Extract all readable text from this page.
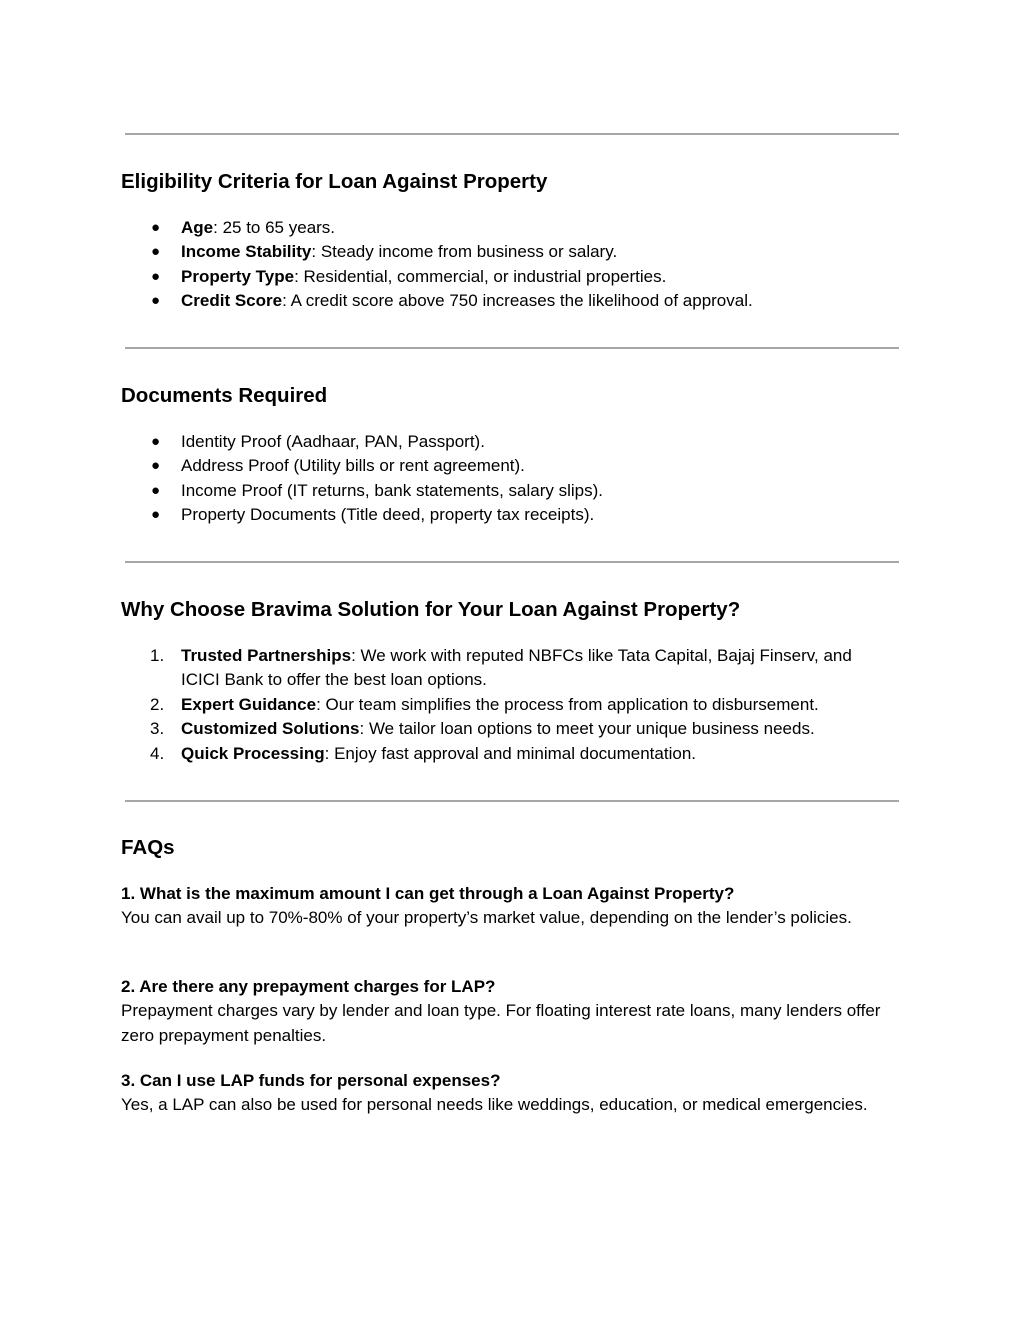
Eligibility Criteria for Loan Against Property
● Age: 25 to 65 years.
● Income Stability: Steady income from business or salary.
● Property Type: Residential, commercial, or industrial properties.
● Credit Score: A credit score above 750 increases the likelihood of approval.
Documents Required
● Identity Proof (Aadhaar, PAN, Passport).
● Address Proof (Utility bills or rent agreement).
● Income Proof (IT returns, bank statements, salary slips).
● Property Documents (Title deed, property tax receipts).
Why Choose Bravima Solution for Your Loan Against Property?
1. Trusted Partnerships: We work with reputed NBFCs like Tata Capital, Bajaj Finserv, and ICICI Bank to offer the best loan options.
2. Expert Guidance: Our team simplifies the process from application to disbursement.
3. Customized Solutions: We tailor loan options to meet your unique business needs.
4. Quick Processing: Enjoy fast approval and minimal documentation.
FAQs
1. What is the maximum amount I can get through a Loan Against Property?
You can avail up to 70%-80% of your property’s market value, depending on the lender’s policies.
2. Are there any prepayment charges for LAP?
Prepayment charges vary by lender and loan type. For floating interest rate loans, many lenders offer zero prepayment penalties.
3. Can I use LAP funds for personal expenses?
Yes, a LAP can also be used for personal needs like weddings, education, or medical emergencies.
